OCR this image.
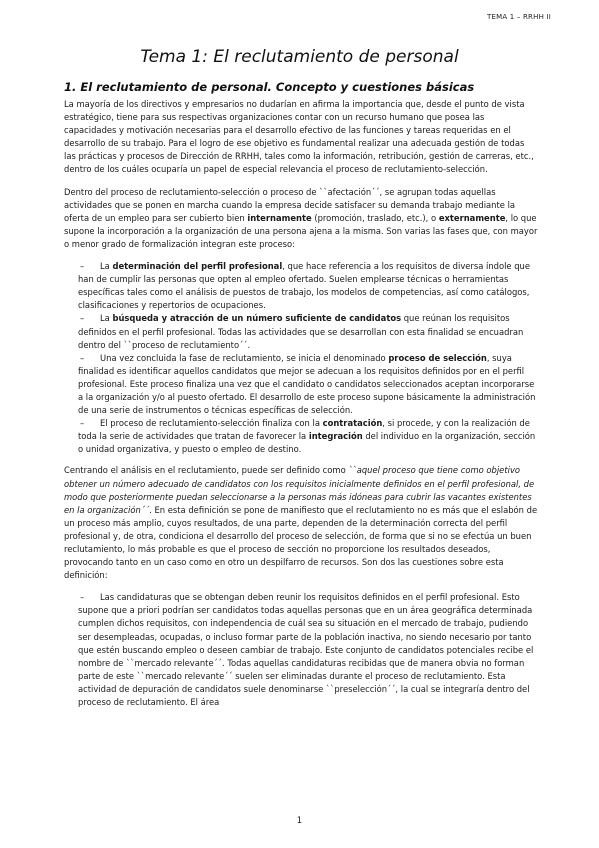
TEMA 1 – RRHH II
Tema 1: El reclutamiento de personal
1. El reclutamiento de personal. Concepto y cuestiones básicas

La mayoría de los directivos y empresarios no dudarían en afirma la importancia que, desde el punto de vista estratégico, tiene para sus respectivas organizaciones contar con un recurso humano que posea las capacidades y motivación necesarias para el desarrollo efectivo de las funciones y tareas requeridas en el desarrollo de su trabajo. Para el logro de ese objetivo es fundamental realizar una adecuada gestión de todas las prácticas y procesos de Dirección de RRHH, tales como la información, retribución, gestión de carreras, etc., dentro de los cuáles ocuparía un papel de especial relevancia el proceso de reclutamiento-selección.

Dentro del proceso de reclutamiento-selección o proceso de ``afectación´´, se agrupan todas aquellas actividades que se ponen en marcha cuando la empresa decide satisfacer su demanda trabajo mediante la oferta de un empleo para ser cubierto bien internamente (promoción, traslado, etc.), o externamente, lo que supone la incorporación a la organización de una persona ajena a la misma. Son varias las fases que, con mayor o menor grado de formalización integran este proceso:

– La determinación del perfil profesional, que hace referencia a los requisitos de diversa índole que han de cumplir las personas que opten al empleo ofertado. Suelen emplearse técnicas o herramientas específicas tales como el análisis de puestos de trabajo, los modelos de competencias, así como catálogos, clasificaciones y repertorios de ocupaciones.
– La búsqueda y atracción de un número suficiente de candidatos que reúnan los requisitos definidos en el perfil profesional. Todas las actividades que se desarrollan con esta finalidad se encuadran dentro del ``proceso de reclutamiento´´.
– Una vez concluida la fase de reclutamiento, se inicia el denominado proceso de selección, suya finalidad es identificar aquellos candidatos que mejor se adecuan a los requisitos definidos por en el perfil profesional. Este proceso finaliza una vez que el candidato o candidatos seleccionados aceptan incorporarse a la organización y/o al puesto ofertado. El desarrollo de este proceso supone básicamente la administración de una serie de instrumentos o técnicas específicas de selección.
– El proceso de reclutamiento-selección finaliza con la contratación, si procede, y con la realización de toda la serie de actividades que tratan de favorecer la integración del individuo en la organización, sección o unidad organizativa, y puesto o empleo de destino.

Centrando el análisis en el reclutamiento, puede ser definido como ``aquel proceso que tiene como objetivo obtener un número adecuado de candidatos con los requisitos inicialmente definidos en el perfil profesional, de modo que posteriormente puedan seleccionarse a la personas más idóneas para cubrir las vacantes existentes en la organización´´. En esta definición se pone de manifiesto que el reclutamiento no es más que el eslabón de un proceso más amplio, cuyos resultados, de una parte, dependen de la determinación correcta del perfil profesional y, de otra, condiciona el desarrollo del proceso de selección, de forma que si no se efectúa un buen reclutamiento, lo más probable es que el proceso de sección no proporcione los resultados deseados, provocando tanto en un caso como en otro un despilfarro de recursos. Son dos las cuestiones sobre esta definición:

– Las candidaturas que se obtengan deben reunir los requisitos definidos en el perfil profesional. Esto supone que a priori podrían ser candidatos todas aquellas personas que en un área geográfica determinada cumplen dichos requisitos, con independencia de cuál sea su situación en el mercado de trabajo, pudiendo ser desempleadas, ocupadas, o incluso formar parte de la población inactiva, no siendo necesario por tanto que estén buscando empleo o deseen cambiar de trabajo. Este conjunto de candidatos potenciales recibe el nombre de ``mercado relevante´´. Todas aquellas candidaturas recibidas que de manera obvia no forman parte de este ``mercado relevante´´ suelen ser eliminadas durante el proceso de reclutamiento. Esta actividad de depuración de candidatos suele denominarse ``preselección´´, la cual se integraría dentro del proceso de reclutamiento. El área
1
